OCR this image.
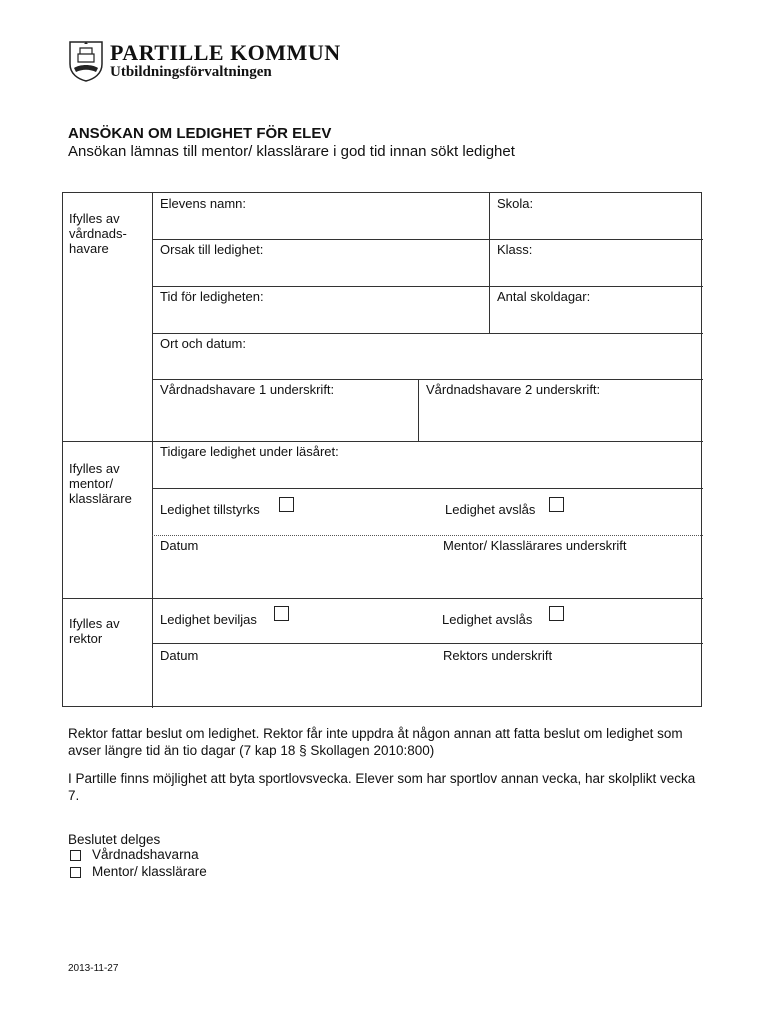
PARTILLE KOMMUN
Utbildningsförvaltningen
ANSÖKAN OM LEDIGHET FÖR ELEV
Ansökan lämnas till mentor/ klasslärare i god tid innan sökt ledighet
Ifylles av
vårdnads-
havare
Elevens namn:	Skola:
Orsak till ledighet:	Klass:
Tid för ledigheten:	Antal skoldagar:
Ort och datum:
Vårdnadshavare 1 underskrift:	Vårdnadshavare 2 underskrift:
Ifylles av
mentor/
klasslärare
Tidigare ledighet under läsåret:
Ledighet tillstyrks	Ledighet avslås
Datum	Mentor/ Klasslärares underskrift
Ifylles av
rektor
Ledighet beviljas	Ledighet avslås
Datum	Rektors underskrift
Rektor fattar beslut om ledighet. Rektor får inte uppdra åt någon annan att fatta beslut om ledighet som avser längre tid än tio dagar (7 kap 18 § Skollagen 2010:800)
I Partille finns möjlighet att byta sportlovsvecka. Elever som har sportlov annan vecka, har skolplikt vecka 7.
Beslutet delges
Vårdnadshavarna
Mentor/ klasslärare
2013-11-27
